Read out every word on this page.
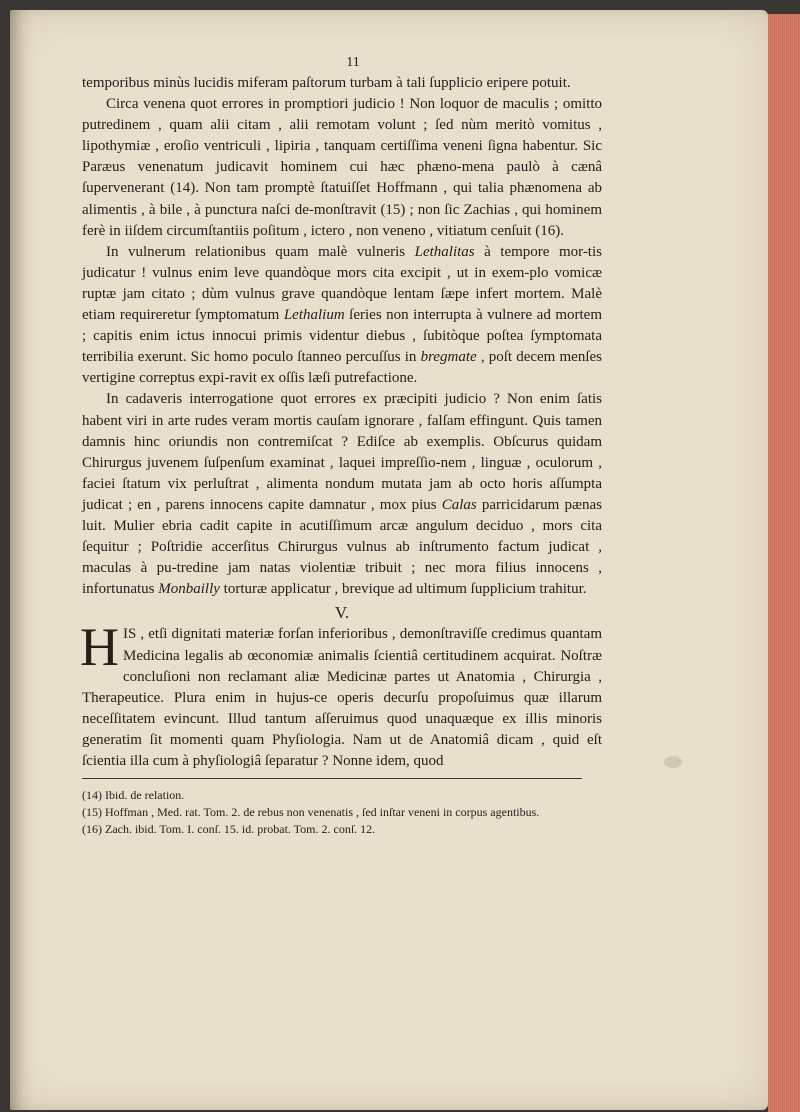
11

temporibus minùs lucidis miferam paſtorum turbam à tali ſupplicio eripere potuit.

Circa venena quot errores in promptiori judicio ! Non loquor de maculis ; omitto putredinem , quam alii citam , alii remotam volunt ; ſed nùm meritò vomitus , lipothymiæ , eroſio ventriculi , lipiria , tanquam certiſſima veneni ſigna habentur. Sic Paræus venenatum judicavit hominem cui hæc phæno-mena paulò à cænâ ſupervenerant (14). Non tam promptè ſtatuiſſet Hoffmann , qui talia phænomena ab alimentis , à bile , à punctura naſci de-monſtravit (15) ; non ſic Zachias , qui hominem ferè in iiſdem circumſtantiis poſitum , ictero , non veneno , vitiatum cenſuit (16).

In vulnerum relationibus quam malè vulneris Lethalitas à tempore mor-tis judicatur ! vulnus enim leve quandòque mors cita excipit , ut in exem-plo vomicæ ruptæ jam citato ; dùm vulnus grave quandòque lentam ſæpe infert mortem. Malè etiam requireretur ſymptomatum Lethalium ſeries non interrupta à vulnere ad mortem ; capitis enim ictus innocui primis videntur diebus , ſubitòque poſtea ſymptomata terribilia exerunt. Sic homo poculo ſtanneo percuſſus in bregmate , poſt decem menſes vertigine correptus expi-ravit ex oſſis læſi putrefactione.

In cadaveris interrogatione quot errores ex præcipiti judicio ? Non enim ſatis habent viri in arte rudes veram mortis cauſam ignorare , falſam effingunt. Quis tamen damnis hinc oriundis non contremiſcat ? Ediſce ab exemplis. Obſcurus quidam Chirurgus juvenem ſuſpenſum examinat , laquei impreſſio-nem , linguæ , oculorum , faciei ſtatum vix perluſtrat , alimenta nondum mutata jam ab octo horis aſſumpta judicat ; en , parens innocens capite damnatur , mox pius Calas parricidarum pænas luit. Mulier ebria cadit capite in acutiſſimum arcæ angulum deciduo , mors cita ſequitur ; Poſtridie accerſitus Chirurgus vulnus ab inſtrumento factum judicat , maculas à pu-tredine jam natas violentiæ tribuit ; nec mora filius innocens , infortunatus Monbailly torturæ applicatur , brevique ad ultimum ſupplicium trahitur.

V.

HIS , etſi dignitati materiæ forſan inferioribus , demonſtraviſſe credimus quantam Medicina legalis ab œconomiæ animalis ſcientiâ certitudinem acquirat. Noſtræ concluſioni non reclamant aliæ Medicinæ partes ut Anatomia , Chirurgia , Therapeutice. Plura enim in hujus-ce operis decurſu propoſuimus quæ illarum neceſſitatem evincunt. Illud tantum aſſeruimus quod unaquæque ex illis minoris generatim ſit momenti quam Phyſiologia. Nam ut de Anatomiâ dicam , quid eſt ſcientia illa cum à phyſiologiâ ſeparatur ? Nonne idem, quod

(14) Ibid. de relation.

(15) Hoffman , Med. rat. Tom. 2. de rebus non venenatis , ſed inſtar veneni in corpus agentibus.

(16) Zach. ibid. Tom. I. conſ. 15. id. probat. Tom. 2. conſ. 12.
